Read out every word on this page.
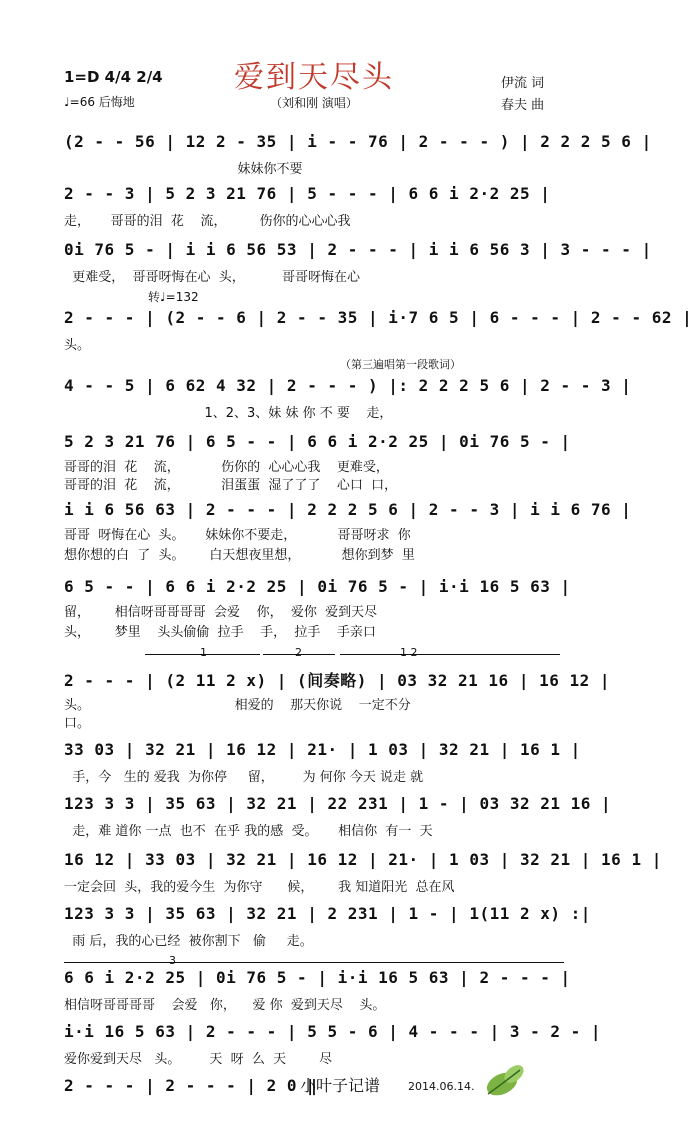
1=D 4/4 2/4
♩=66 后悔地
爱到天尽头
（刘和刚 演唱）
伊流 词
春夫 曲
(2 - - 56 | 12 2 - 35 | i - - 76 | 2 - - - ) | 2 2 2 5 6 |
妹妹你不要
2 - - 3 | 5 2 3 21 76 | 5 - - - | 6 6 i 2·2 25 |
走，     哥哥的泪  花    流，        伤你的心心心我
0i 76 5 - | i i 6 56 53 | 2 - - - | i i 6 56 3 | 3 - - - |
更难受，  哥哥呀悔在心  头，         哥哥呀悔在心
转♩=132
2 - - - | (2 - - 6 | 2 - - 35 | i·7 6 5 | 6 - - - | 2 - - 62 |
头。
（第三遍唱第一段歌词）
4 - - 5 | 6 62 4 32 | 2 - - - ) |: 2 2 2 5 6 | 2 - - 3 |
1、2、3、妹 妹 你 不 要    走，
5 2 3 21 76 | 6 5 - - | 6 6 i 2·2 25 | 0i 76 5 - |
哥哥的泪  花    流，          伤你的  心心心我    更难受，
哥哥的泪  花    流，          泪蛋蛋  湿了了了    心口  口，
i i 6 56 63 | 2 - - - | 2 2 2 5 6 | 2 - - 3 | i i 6 76 |
哥哥  呀悔在心  头。     妹妹你不要走，          哥哥呀求  你
想你想的白  了  头。      白天想夜里想，          想你到梦  里
6 5 - - | 6 6 i 2·2 25 | 0i 76 5 - | i·i 16 5 63 |
留，      相信呀哥哥哥哥  会爱    你，  爱你  爱到天尽
头，      梦里    头头偷偷  拉手    手，  拉手    手亲口
1	2	1 2
2 - - - | (2 11 2 x) | (间奏略) | 03 32 21 16 | 16 12 |
头。                                   相爱的    那天你说    一定不分
口。
33 03 | 32 21 | 16 12 | 21· | 1 03 | 32 21 | 16 1 |
手，今   生的 爱我  为你停     留，       为 何你 今天 说走 就
123 3 3 | 35 63 | 32 21 | 22 231 | 1 - | 03 32 21 16 |
走，难 道你 一点  也不  在乎 我的感  受。     相信你  有一  天
16 12 | 33 03 | 32 21 | 16 12 | 21· | 1 03 | 32 21 | 16 1 |
一定会回  头，我的爱今生  为你守      候，      我 知道阳光  总在风
123 3 3 | 35 63 | 32 21 | 2 231 | 1 - | 1(11 2 x) :|
雨 后，我的心已经  被你割下   偷     走。
3
6 6 i 2·2 25 | 0i 76 5 - | i·i 16 5 63 | 2 - - - |
相信呀哥哥哥哥    会爱   你，    爱 你  爱到天尽    头。
i·i 16 5 63 | 2 - - - | 5 5 - 6 | 4 - - - | 3 - 2 - |
爱你爱到天尽   头。       天  呀  么  天        尽
2 - - - | 2 - - - | 2 0 ‖
小叶子记谱	2014.06.14.
